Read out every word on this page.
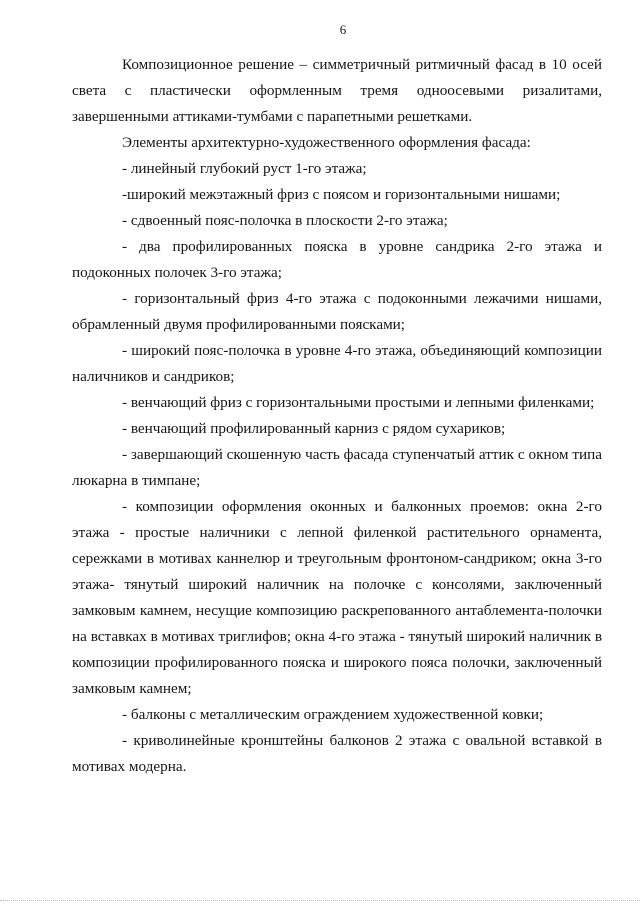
6

Композиционное решение – симметричный ритмичный фасад в 10 осей света с пластически оформленным тремя одноосевыми ризалитами, завершенными аттиками-тумбами с парапетными решетками.

Элементы архитектурно-художественного оформления фасада:

- линейный глубокий руст 1-го этажа;

-широкий межэтажный фриз с поясом и горизонтальными нишами;

- сдвоенный пояс-полочка в плоскости 2-го этажа;

- два профилированных пояска в уровне сандрика 2-го этажа и подоконных полочек 3-го этажа;

- горизонтальный фриз 4-го этажа с подоконными лежачими нишами, обрамленный двумя профилированными поясками;

- широкий пояс-полочка в уровне 4-го этажа, объединяющий композиции наличников и сандриков;

- венчающий фриз с горизонтальными простыми и лепными филенками;

- венчающий профилированный карниз с рядом сухариков;

- завершающий скошенную часть фасада ступенчатый аттик с окном типа люкарна в тимпане;

- композиции оформления оконных и балконных проемов: окна 2-го этажа - простые наличники с лепной филенкой растительного орнамента, сережками в мотивах каннелюр и треугольным фронтоном-сандриком; окна 3-го этажа- тянутый широкий наличник на полочке с консолями, заключенный замковым камнем, несущие композицию раскрепованного антаблемента-полочки на вставках в мотивах триглифов; окна 4-го этажа - тянутый широкий наличник в композиции профилированного пояска и широкого пояса полочки, заключенный замковым камнем;

- балконы с металлическим ограждением художественной ковки;

- криволинейные кронштейны балконов 2 этажа с овальной вставкой в мотивах модерна.
